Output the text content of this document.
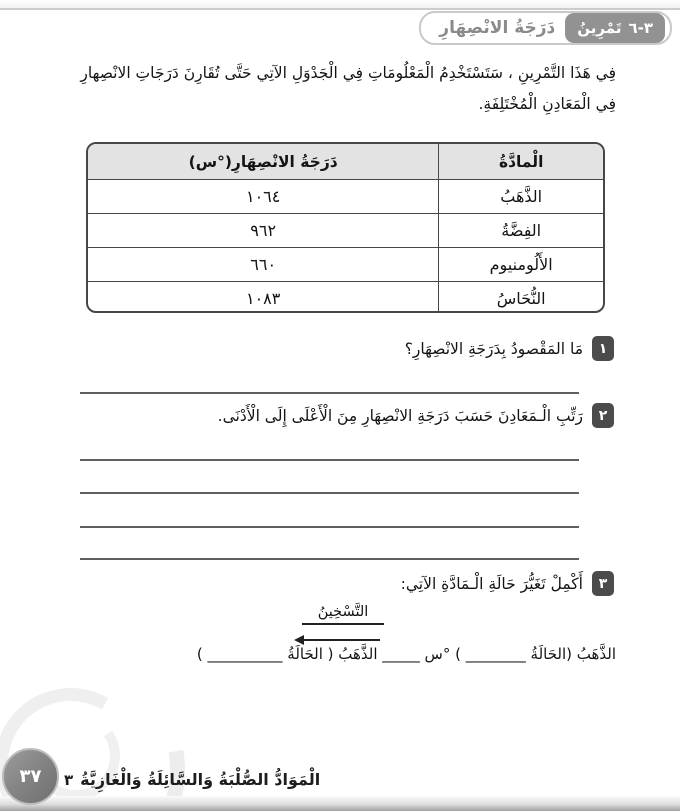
تَمْرِينُ ٣-٦
دَرَجَةُ الانْصِهَارِ
فِي هَذَا التَّمْرِينِ ، سَتَسْتَخْدِمُ الْمَعْلُومَاتِ فِي الْجَدْوَلِ الآتِي حَتَّى تُقَارِنَ دَرَجَاتِ الانْصِهارِ
فِي الْمَعَادِنِ الْمُخْتَلِفَةِ.
الْمادَّةُ	دَرَجَةُ الانْصِهَارِ(°س)
الذَّهَبُ	١٠٦٤
الفِضَّةُ	٩٦٢
الأَلُومنيوم	٦٦٠
النُّحَاسُ	١٠٨٣
١
مَا المَقْصودُ بِدَرَجَةِ الانْصِهَارِ؟
٢
رَتِّبِ الْـمَعَادِنَ حَسَبَ دَرَجَةِ الانْصِهَارِ مِنَ الْأَعْلَى إِلَى الْأَدْنَى.
٣
أَكْمِلْ تَغَيُّرَ حَالَةِ الْـمَادَّةِ الآتِي:
التَّسْخِينُ
الذَّهَبُ (الحَالَةُ ________ ) °س _____ الذَّهَبُ ( الحَالَةُ __________ )
٣٧ ٣ الْمَوَادُّ الصُّلْبَةُ وَالسَّائِلَةُ وَالْغَازِيَّةُ
